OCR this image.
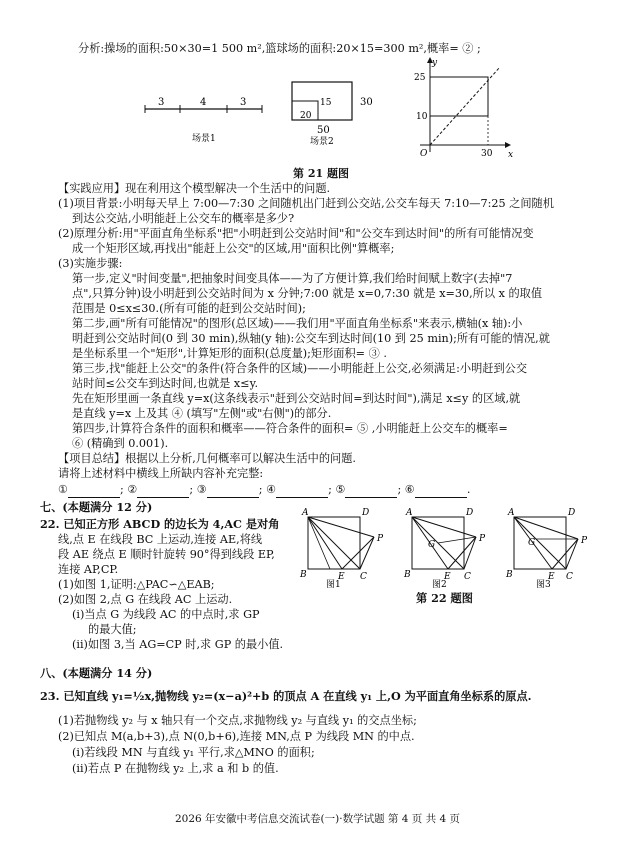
分析:操场的面积:50×30=1 500 m²,篮球场的面积:20×15=300 m²,概率= ② ;
3	4	3
场景1
15
20
30
50
场景2
y
x
O
25
10
30
第 21 题图
【实践应用】现在利用这个模型解决一个生活中的问题.
(1)项目背景:小明每天早上 7:00—7:30 之间随机出门赶到公交站,公交车每天 7:10—7:25 之间随机
到达公交站,小明能赶上公交车的概率是多少?
(2)原理分析:用"平面直角坐标系"把"小明赶到公交站时间"和"公交车到达时间"的所有可能情况变
成一个矩形区域,再找出"能赶上公交"的区域,用"面积比例"算概率;
(3)实施步骤:
第一步,定义"时间变量",把抽象时间变具体——为了方便计算,我们给时间赋上数字(去掉"7
点",只算分钟)设小明赶到公交站时间为 x 分钟;7:00 就是 x=0,7:30 就是 x=30,所以 x 的取值
范围是 0≤x≤30.(所有可能的赶到公交站时间);
第二步,画"所有可能情况"的图形(总区域)——我们用"平面直角坐标系"来表示,横轴(x 轴):小
明赶到公交站时间(0 到 30 min),纵轴(y 轴):公交车到达时间(10 到 25 min);所有可能的情况,就
是坐标系里一个"矩形",计算矩形的面积(总度量);矩形面积= ③ .
第三步,找"能赶上公交"的条件(符合条件的区域)——小明能赶上公交,必须满足:小明赶到公交
站时间≤公交车到达时间,也就是 x≤y.
先在矩形里画一条直线 y=x(这条线表示"赶到公交站时间=到达时间"),满足 x≤y 的区域,就
是直线 y=x 上及其 ④ (填写"左侧"或"右侧")的部分.
第四步,计算符合条件的面积和概率——符合条件的面积= ⑤ ,小明能赶上公交车的概率=
⑥ (精确到 0.001).
【项目总结】根据以上分析,几何概率可以解决生活中的问题.
请将上述材料中横线上所缺内容补充完整:
①	; ②	; ③	; ④	; ⑤	; ⑥	.
七、(本题满分 12 分)
22. 已知正方形 ABCD 的边长为 4,AC 是对角
线,点 E 在线段 BC 上运动,连接 AE,将线
段 AE 绕点 E 顺时针旋转 90°得到线段 EP,
连接 AP,CP.
(1)如图 1,证明:△PAC∽△EAB;
(2)如图 2,点 G 在线段 AC 上运动.
(i)当点 G 为线段 AC 的中点时,求 GP
的最大值;
(ii)如图 3,当 AG=CP 时,求 GP 的最小值.
A	D
B	E C
P
图1
A	D
G
B	E C
P
图2
A	D
G
B	E C
P
图3
第 22 题图
八、(本题满分 14 分)
23. 已知直线 y₁=½x,抛物线 y₂=(x−a)²+b 的顶点 A 在直线 y₁ 上,O 为平面直角坐标系的原点.
(1)若抛物线 y₂ 与 x 轴只有一个交点,求抛物线 y₂ 与直线 y₁ 的交点坐标;
(2)已知点 M(a,b+3),点 N(0,b+6),连接 MN,点 P 为线段 MN 的中点.
(i)若线段 MN 与直线 y₁ 平行,求△MNO 的面积;
(ii)若点 P 在抛物线 y₂ 上,求 a 和 b 的值.
2026 年安徽中考信息交流试卷(一)·数学试题 第 4 页 共 4 页
